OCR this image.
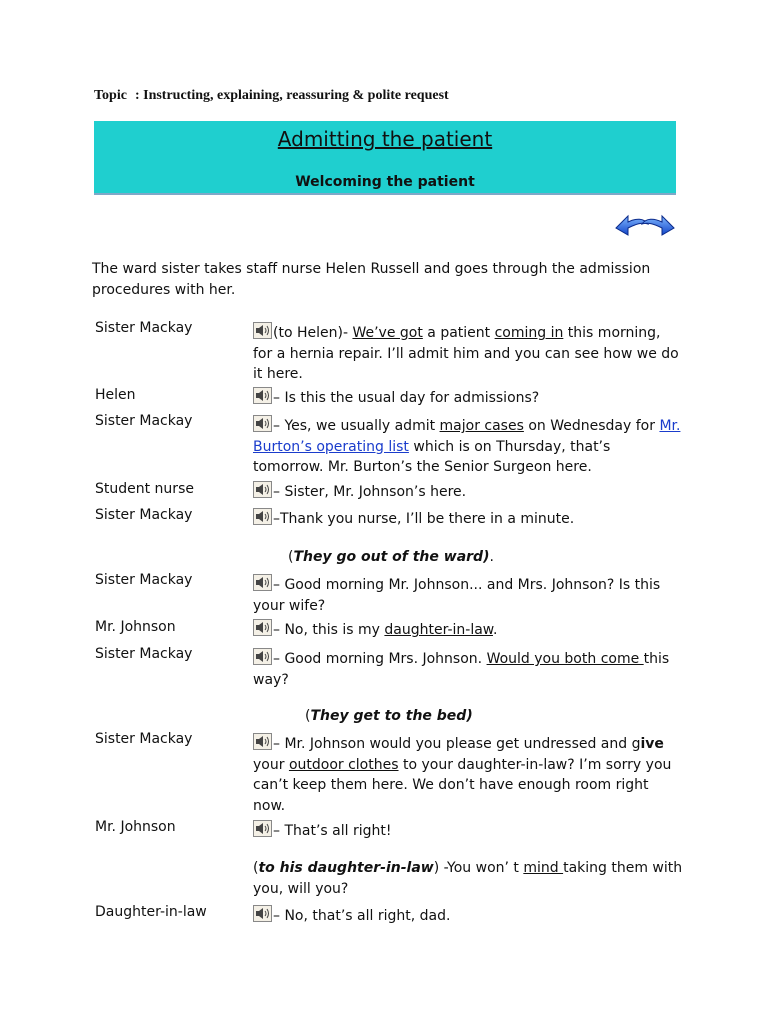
Topic : Instructing, explaining, reassuring & polite request
Admitting the patient
Welcoming the patient
The ward sister takes staff nurse Helen Russell and goes through the admission procedures with her.
Sister Mackay	(to Helen)- We’ve got a patient coming in this morning, for a hernia repair. I’ll admit him and you can see how we do it here.
Helen	– Is this the usual day for admissions?
Sister Mackay	– Yes, we usually admit major cases on Wednesday for Mr. Burton’s operating list which is on Thursday, that’s tomorrow. Mr. Burton’s the Senior Surgeon here.
Student nurse	– Sister, Mr. Johnson’s here.
Sister Mackay	–Thank you nurse, I’ll be there in a minute.
(They go out of the ward).
Sister Mackay	– Good morning Mr. Johnson... and Mrs. Johnson? Is this your wife?
Mr. Johnson	– No, this is my daughter-in-law.
Sister Mackay	– Good morning Mrs. Johnson. Would you both come this way?
(They get to the bed)
Sister Mackay	– Mr. Johnson would you please get undressed and give your outdoor clothes to your daughter-in-law? I’m sorry you can’t keep them here. We don’t have enough room right now.
Mr. Johnson	– That’s all right!
(to his daughter-in-law) -You won’ t mind taking them with you, will you?
Daughter-in-law	– No, that’s all right, dad.
